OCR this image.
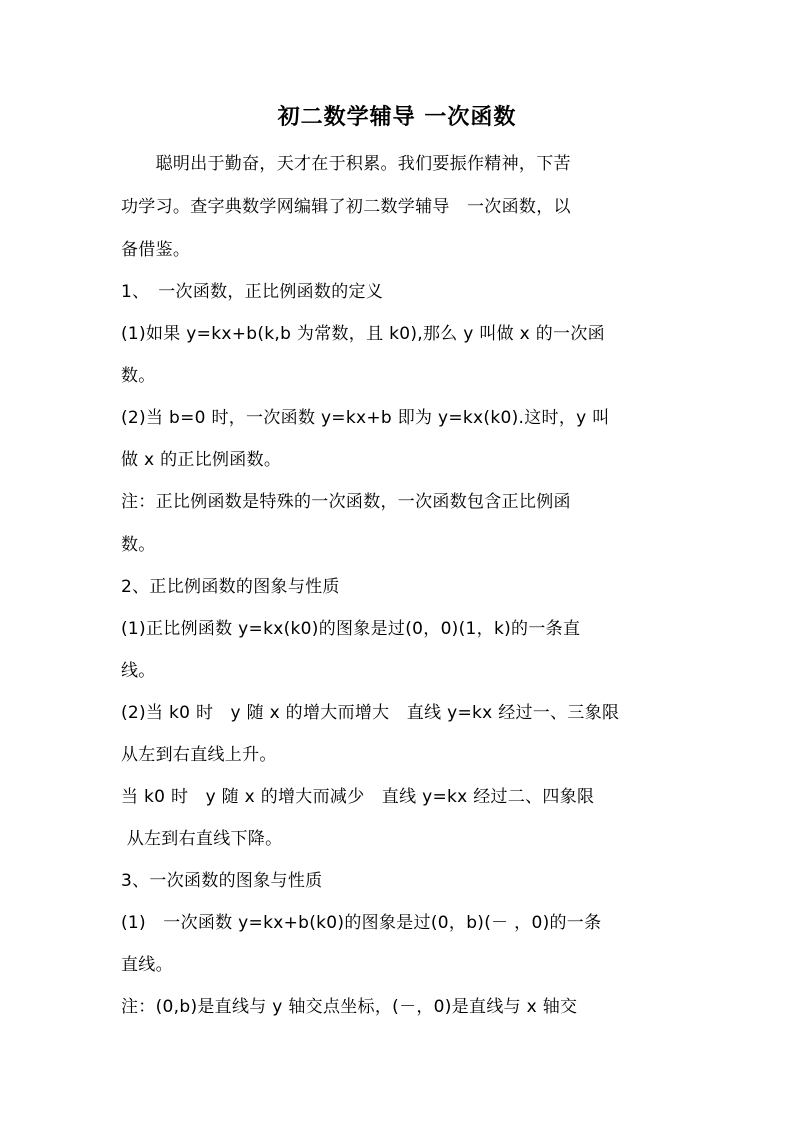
初二数学辅导 一次函数
　　聪明出于勤奋，天才在于积累。我们要振作精神，下苦
功学习。查字典数学网编辑了初二数学辅导　一次函数，以
备借鉴。
1、　一次函数，正比例函数的定义
(1)如果 y=kx+b(k,b 为常数，且 k0),那么 y 叫做 x 的一次函
数。
(2)当 b=0 时，一次函数 y=kx+b 即为 y=kx(k0).这时，y 叫
做 x 的正比例函数。
注：正比例函数是特殊的一次函数，一次函数包含正比例函
数。
2、正比例函数的图象与性质
(1)正比例函数 y=kx(k0)的图象是过(0，0)(1，k)的一条直
线。
(2)当 k0 时　y 随 x 的增大而增大　直线 y=kx 经过一、三象限
从左到右直线上升。
当 k0 时　y 随 x 的增大而减少　直线 y=kx 经过二、四象限
从左到右直线下降。
3、一次函数的图象与性质
(1)　一次函数 y=kx+b(k0)的图象是过(0，b)(－ ，0)的一条
直线。
注：(0,b)是直线与 y 轴交点坐标，(－，0)是直线与 x 轴交
